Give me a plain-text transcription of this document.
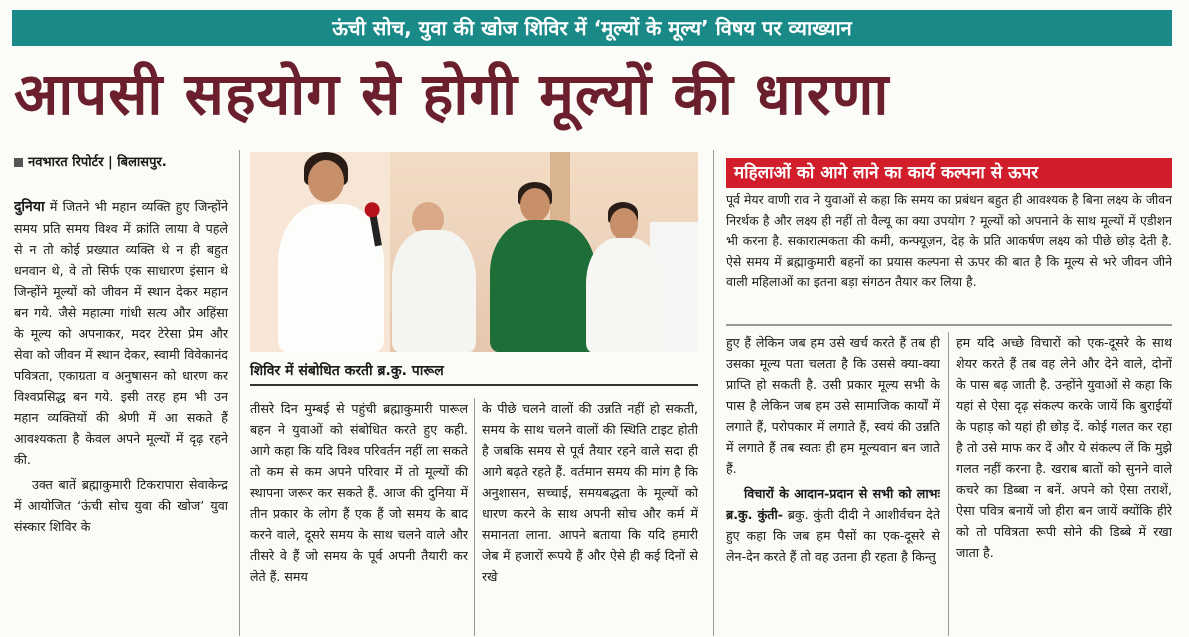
ऊंची सोच, युवा की खोज शिविर में ‘मूल्यों के मूल्य’ विषय पर व्याख्यान
आपसी सहयोग से होगी मूल्यों की धारणा
नवभारत रिपोर्टर | बिलासपुर.

दुनिया में जितने भी महान व्यक्ति हुए जिन्होंने समय प्रति समय विश्व में क्रांति लाया वे पहले से न तो कोई प्रख्यात व्यक्ति थे न ही बहुत धनवान थे, वे तो सिर्फ एक साधारण इंसान थे जिन्होंने मूल्यों को जीवन में स्थान देकर महान बन गये. जैसे महात्मा गांधी सत्य और अहिंसा के मूल्य को अपनाकर, मदर टेरेसा प्रेम और सेवा को जीवन में स्थान देकर, स्वामी विवेकानंद पवित्रता, एकाग्रता व अनुषासन को धारण कर विश्वप्रसिद्ध बन गये. इसी तरह हम भी उन महान व्यक्तियों की श्रेणी में आ सकते हैं आवश्यकता है केवल अपने मूल्यों में दृढ़ रहने की.

उक्त बातें ब्रह्माकुमारी टिकरापारा सेवाकेन्द्र में आयोजित ‘ऊंची सोच युवा की खोज’ युवा संस्कार शिविर के

शिविर में संबोधित करती ब्र.कु. पारूल
तीसरे दिन मुम्बई से पहुंची ब्रह्माकुमारी पारूल बहन ने युवाओं को संबोधित करते हुए कही. आगे कहा कि यदि विश्व परिवर्तन नहीं ला सकते तो कम से कम अपने परिवार में तो मूल्यों की स्थापना जरूर कर सकते हैं. आज की दुनिया में तीन प्रकार के लोग हैं एक हैं जो समय के बाद करने वाले, दूसरे समय के साथ चलने वाले और तीसरे वे हैं जो समय के पूर्व अपनी तैयारी कर लेते हैं. समय
के पीछे चलने वालों की उन्नति नहीं हो सकती, समय के साथ चलने वालों की स्थिति टाइट होती है जबकि समय से पूर्व तैयार रहने वाले सदा ही आगे बढ़ते रहते हैं. वर्तमान समय की मांग है कि अनुशासन, सच्चाई, समयबद्धता के मूल्यों को धारण करने के साथ अपनी सोच और कर्म में समानता लाना. आपने बताया कि यदि हमारी जेब में हजारों रूपये हैं और ऐसे ही कई दिनों से रखे
महिलाओं को आगे लाने का कार्य कल्पना से ऊपर
पूर्व मेयर वाणी राव ने युवाओं से कहा कि समय का प्रबंधन बहुत ही आवश्यक है बिना लक्ष्य के जीवन निरर्थक है और लक्ष्य ही नहीं तो वैल्यू का क्या उपयोग ? मूल्यों को अपनाने के साथ मूल्यों में एडीशन भी करना है. सकारात्मकता की कमी, कन्फ्यूज़न, देह के प्रति आकर्षण लक्ष्य को पीछे छोड़ देती है. ऐसे समय में ब्रह्माकुमारी बहनों का प्रयास कल्पना से ऊपर की बात है कि मूल्य से भरे जीवन जीने वाली महिलाओं का इतना बड़ा संगठन तैयार कर लिया है.

हुए हैं लेकिन जब हम उसे खर्च करते हैं तब ही उसका मूल्य पता चलता है कि उससे क्या-क्या प्राप्ति हो सकती है. उसी प्रकार मूल्य सभी के पास है लेकिन जब हम उसे सामाजिक कार्यों में लगाते हैं, परोपकार में लगाते हैं, स्वयं की उन्नति में लगाते हैं तब स्वतः ही हम मूल्यवान बन जाते हैं.

विचारों के आदान-प्रदान से सभी को लाभः ब्र.कु. कुंती- ब्रकु. कुंती दीदी ने आशीर्वचन देते हुए कहा कि जब हम पैसों का एक-दूसरे से लेन-देन करते हैं तो वह उतना ही रहता है किन्तु

हम यदि अच्छे विचारों को एक-दूसरे के साथ शेयर करते हैं तब वह लेने और देने वाले, दोनों के पास बढ़ जाती है. उन्होंने युवाओं से कहा कि यहां से ऐसा दृढ़ संकल्प करके जायें कि बुराईयों के पहाड़ को यहां ही छोड़ दें. कोई गलत कर रहा है तो उसे माफ कर दें और ये संकल्प लें कि मुझे गलत नहीं करना है. खराब बातों को सुनने वाले कचरे का डिब्बा न बनें. अपने को ऐसा तराशें, ऐसा पवित्र बनायें जो हीरा बन जायें क्योंकि हीरे को तो पवित्रता रूपी सोने की डिब्बे में रखा जाता है.
